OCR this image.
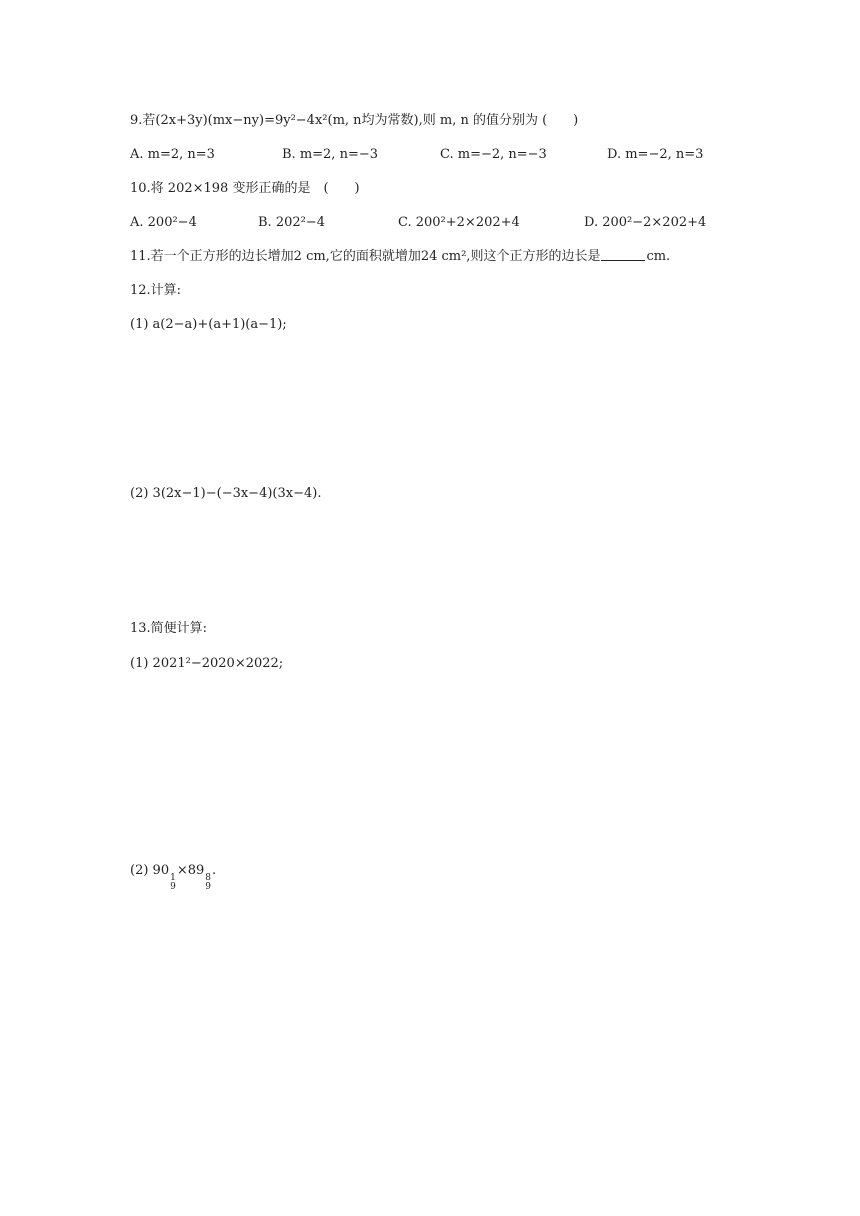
9.若(2x+3y)(mx−ny)=9y²−4x²(m, n均为常数),则 m, n 的值分别为 (　　)
A. m=2, n=3	B. m=2, n=−3	C. m=−2, n=−3	D. m=−2, n=3
10.将 202×198 变形正确的是　(　　)
A. 200²−4	B. 202²−4	C. 200²+2×202+4	D. 200²−2×202+4
11.若一个正方形的边长增加2 cm,它的面积就增加24 cm²,则这个正方形的边长是	cm.
12.计算:
(1) a(2−a)+(a+1)(a−1);
(2) 3(2x−1)−(−3x−4)(3x−4).
13.简便计算:
(1) 2021²−2020×2022;
(2) 90 1
9
×89 8
9
.
